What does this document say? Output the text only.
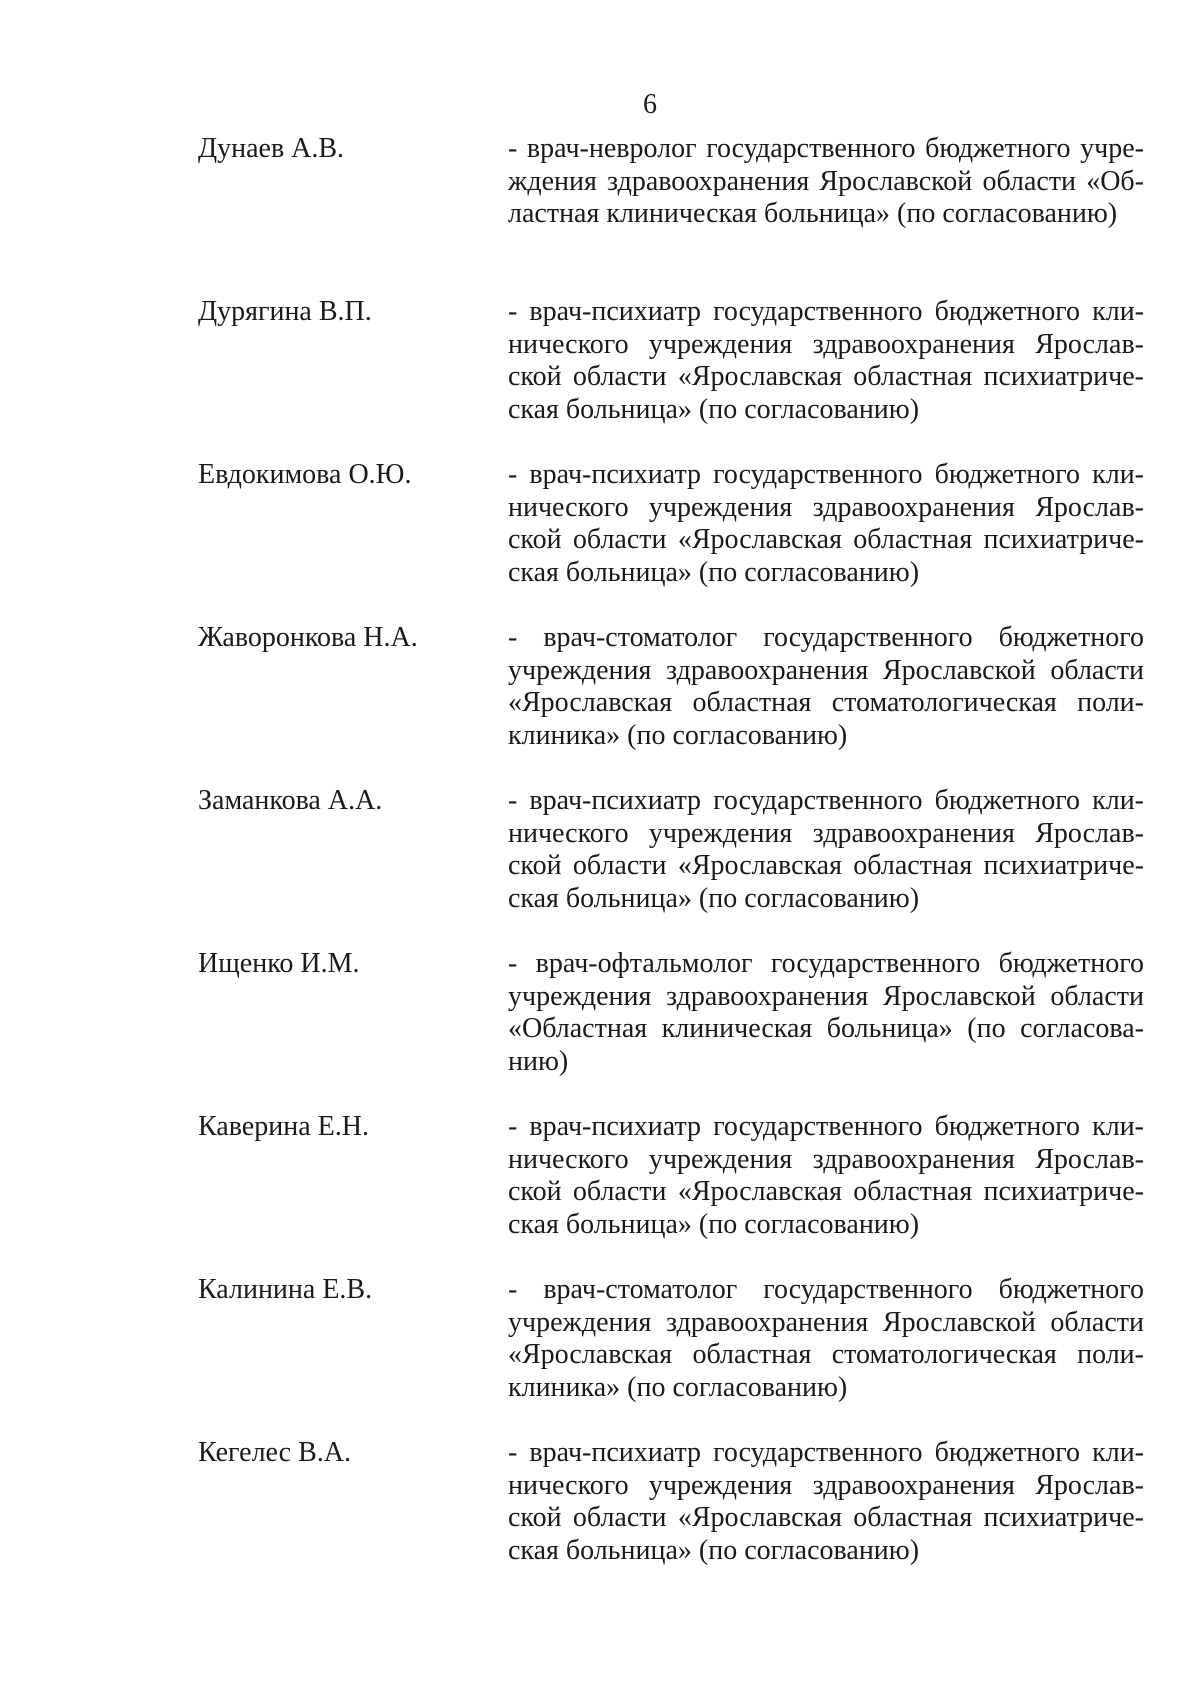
6
Дунаев А.В.	- врач-невролог государственного бюджетного учре-
ждения здравоохранения Ярославской области «Об-
ластная клиническая больница» (по согласованию)
Дурягина В.П.	- врач-психиатр государственного бюджетного кли-
нического учреждения здравоохранения Ярослав-
ской области «Ярославская областная психиатриче-
ская больница» (по согласованию)
Евдокимова О.Ю.	- врач-психиатр государственного бюджетного кли-
нического учреждения здравоохранения Ярослав-
ской области «Ярославская областная психиатриче-
ская больница» (по согласованию)
Жаворонкова Н.А.	- врач-стоматолог государственного бюджетного
учреждения здравоохранения Ярославской области
«Ярославская областная стоматологическая поли-
клиника» (по согласованию)
Заманкова А.А.	- врач-психиатр государственного бюджетного кли-
нического учреждения здравоохранения Ярослав-
ской области «Ярославская областная психиатриче-
ская больница» (по согласованию)
Ищенко И.М.	- врач-офтальмолог государственного бюджетного
учреждения здравоохранения Ярославской области
«Областная клиническая больница» (по согласова-
нию)
Каверина Е.Н.	- врач-психиатр государственного бюджетного кли-
нического учреждения здравоохранения Ярослав-
ской области «Ярославская областная психиатриче-
ская больница» (по согласованию)
Калинина Е.В.	- врач-стоматолог государственного бюджетного
учреждения здравоохранения Ярославской области
«Ярославская областная стоматологическая поли-
клиника» (по согласованию)
Кегелес В.А.	- врач-психиатр государственного бюджетного кли-
нического учреждения здравоохранения Ярослав-
ской области «Ярославская областная психиатриче-
ская больница» (по согласованию)
